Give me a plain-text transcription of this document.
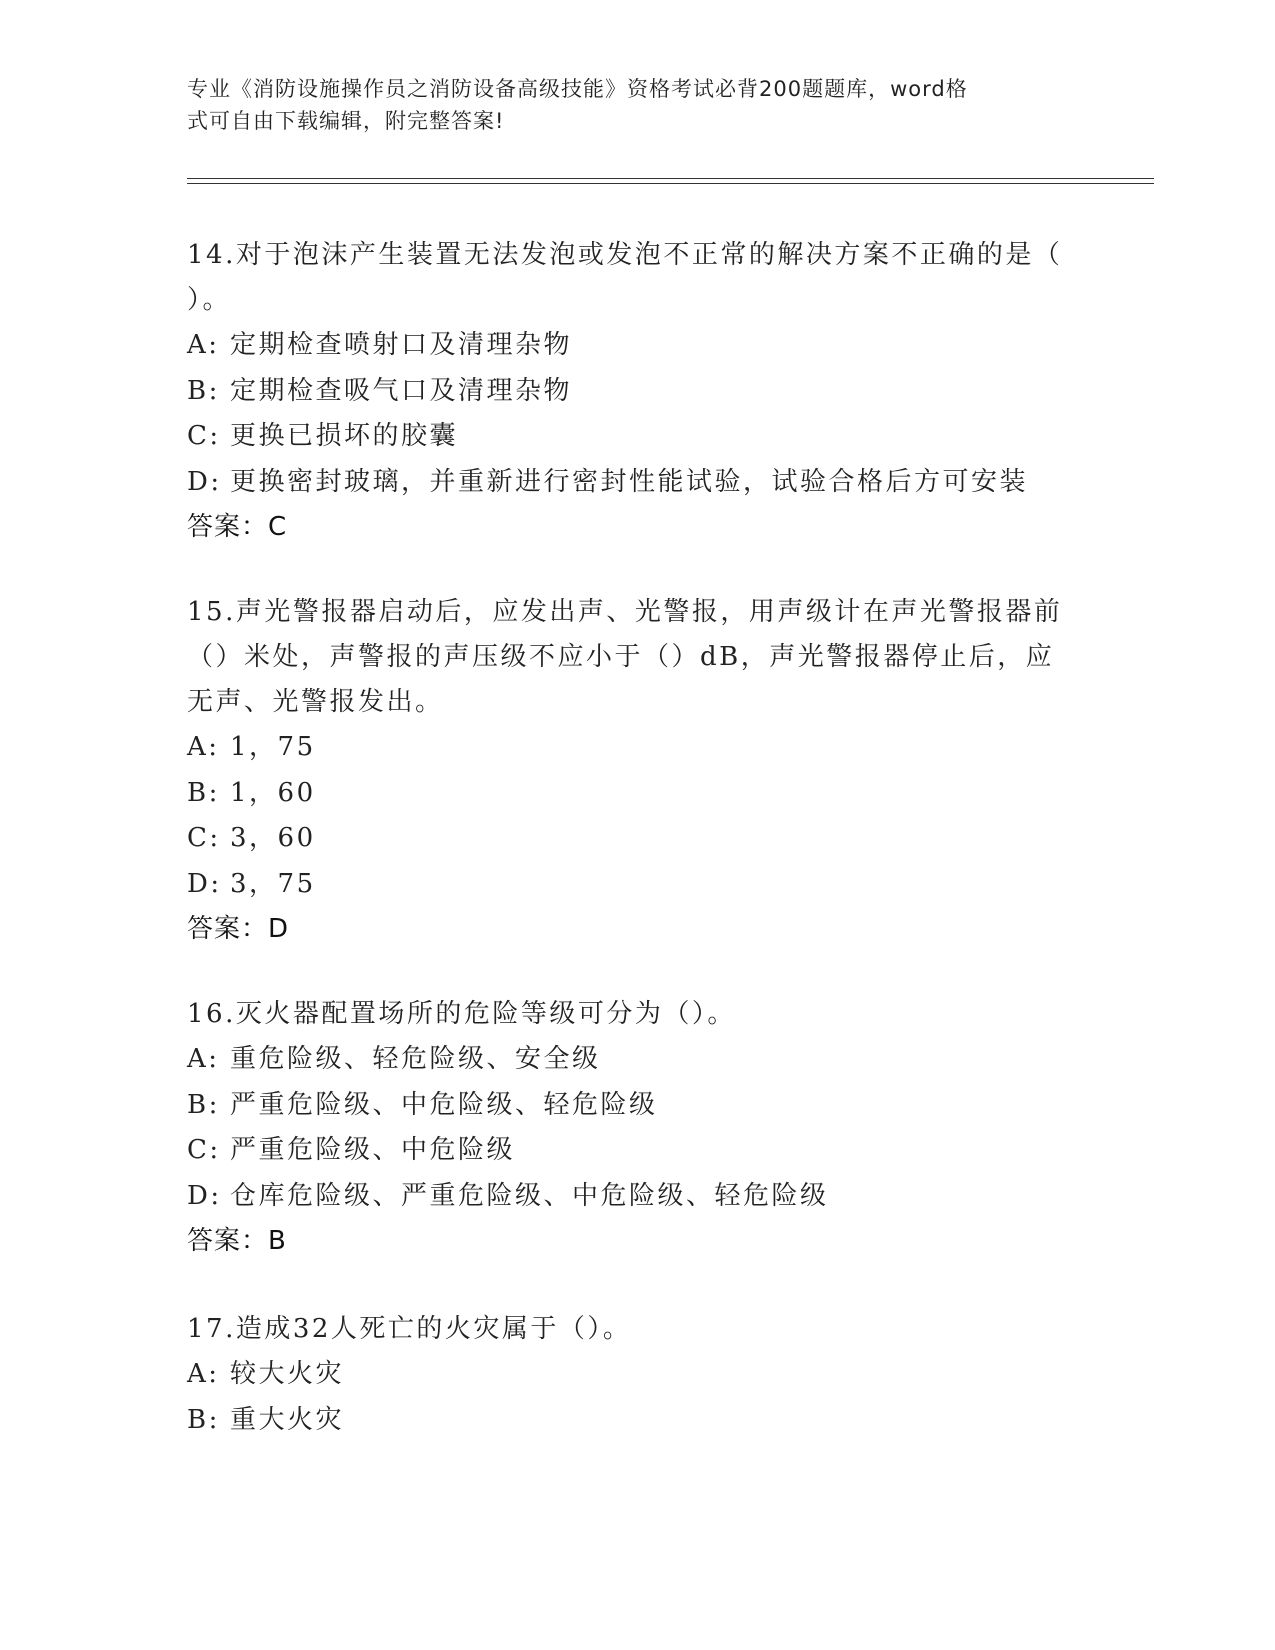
专业《消防设施操作员之消防设备高级技能》资格考试必背200题题库，word格
式可自由下载编辑，附完整答案!
14.对于泡沫产生装置无法发泡或发泡不正常的解决方案不正确的是（
）。
A: 定期检查喷射口及清理杂物
B: 定期检查吸气口及清理杂物
C: 更换已损坏的胶囊
D: 更换密封玻璃，并重新进行密封性能试验，试验合格后方可安装
答案：C
15.声光警报器启动后，应发出声、光警报，用声级计在声光警报器前
（）米处，声警报的声压级不应小于（）dB，声光警报器停止后，应
无声、光警报发出。
A: 1，75
B: 1，60
C: 3，60
D: 3，75
答案：D
16.灭火器配置场所的危险等级可分为（）。
A: 重危险级、轻危险级、安全级
B: 严重危险级、中危险级、轻危险级
C: 严重危险级、中危险级
D: 仓库危险级、严重危险级、中危险级、轻危险级
答案：B
17.造成32人死亡的火灾属于（）。
A: 较大火灾
B: 重大火灾
